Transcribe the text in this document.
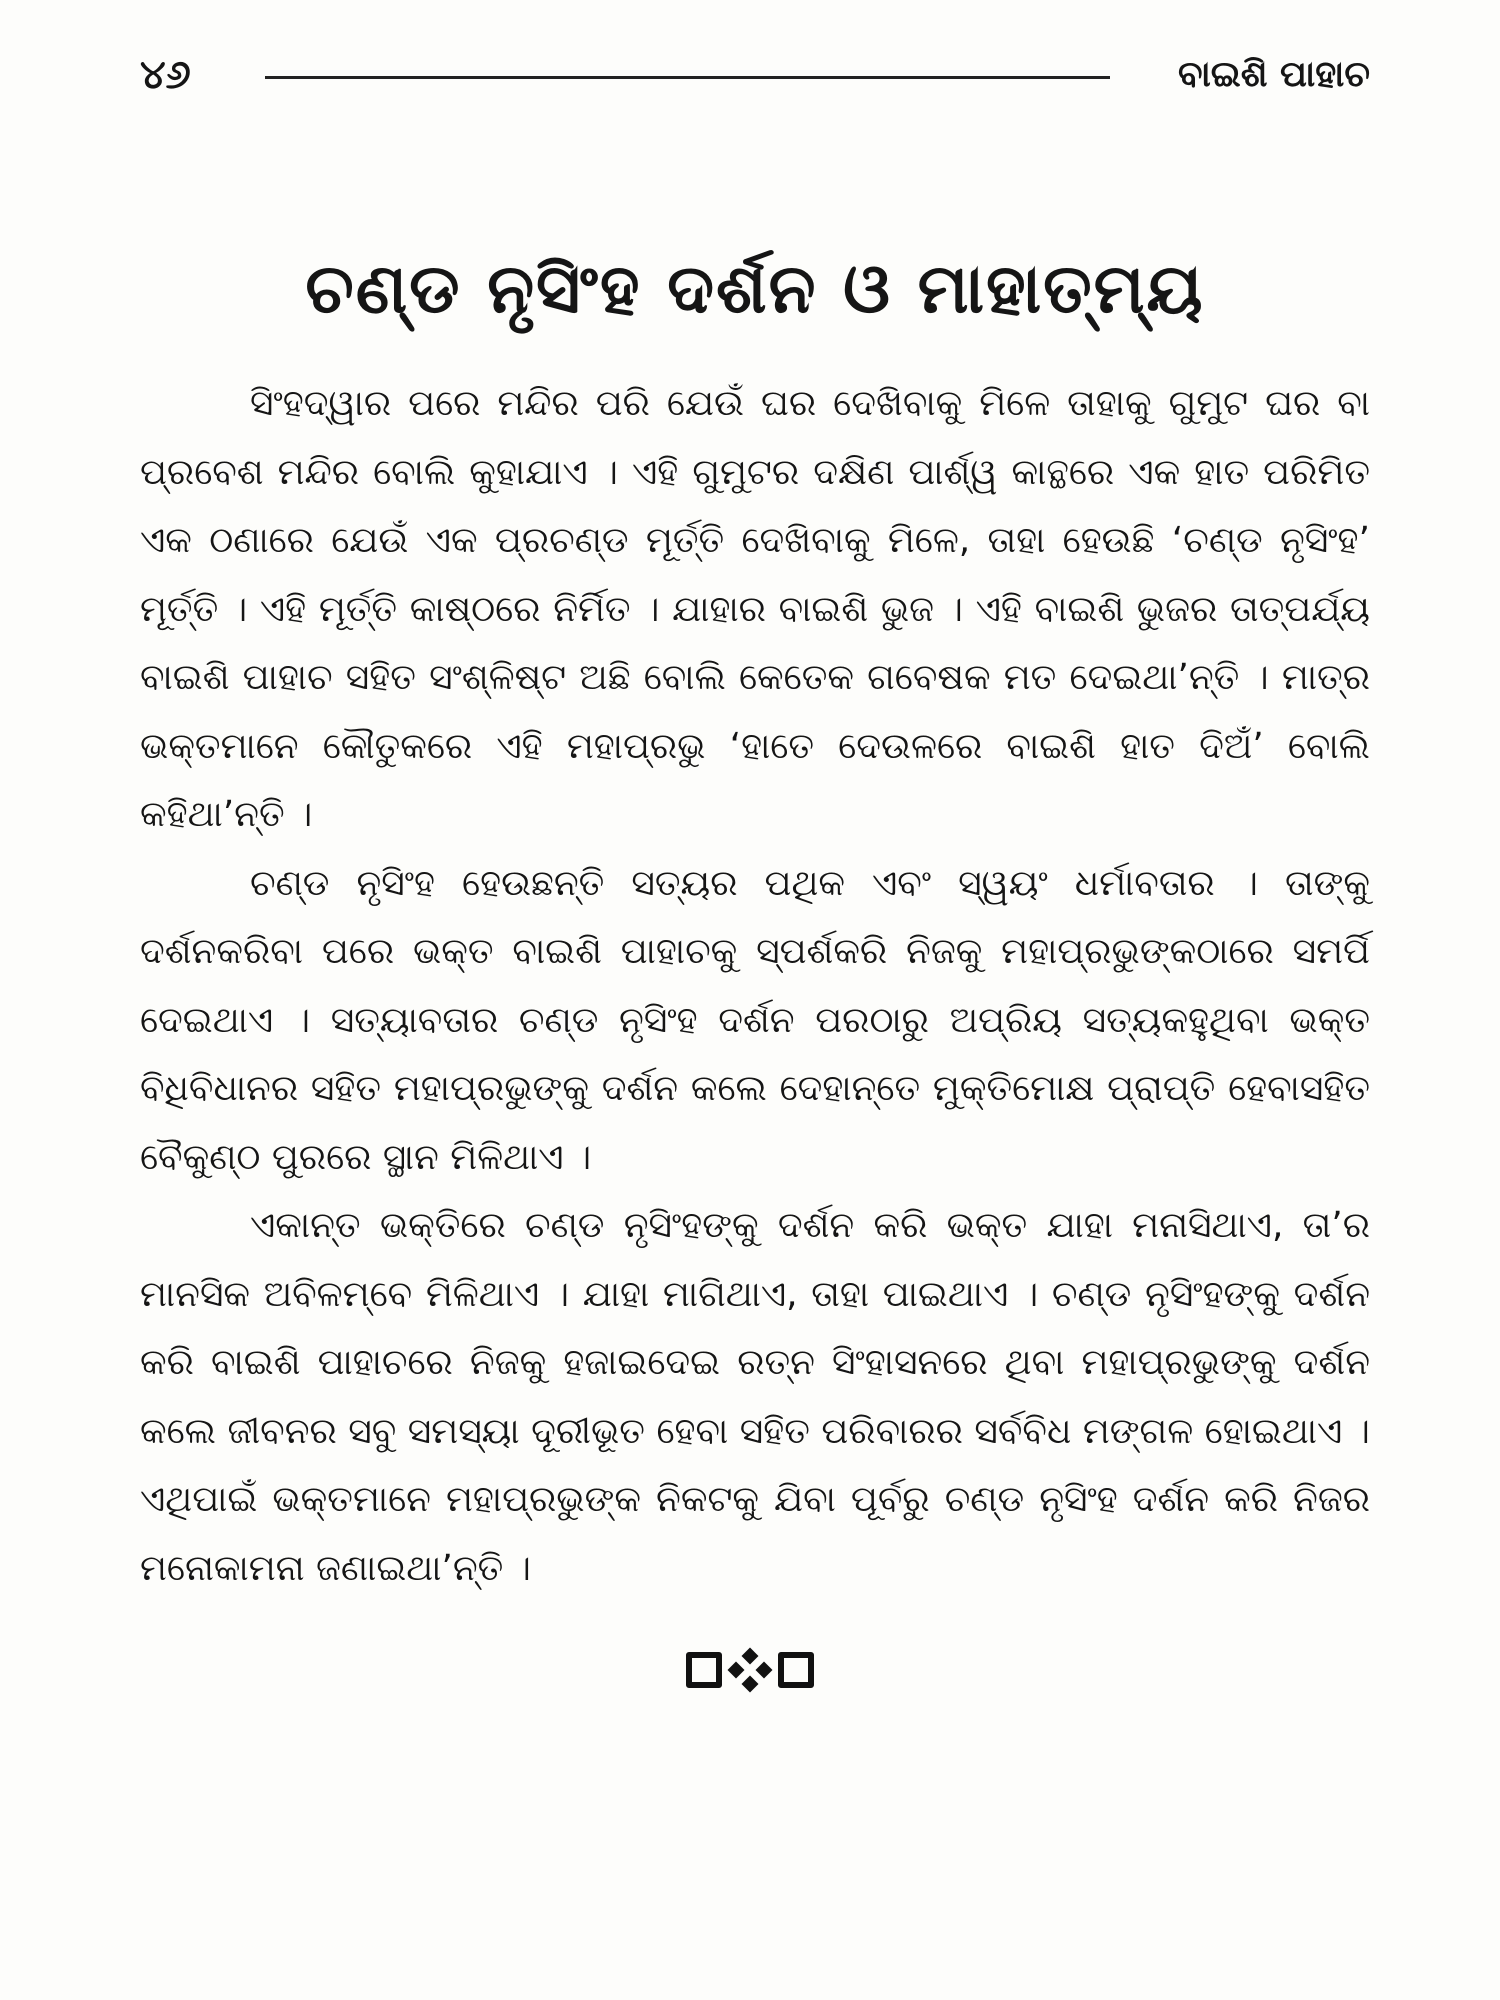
୪୬	ବାଇଶି ପାହାଚ
ଚଣ୍ଡ ନୃସିଂହ ଦର୍ଶନ ଓ ମାହାତ୍ମ୍ୟ

ସିଂହଦ୍ୱାର ପରେ ମନ୍ଦିର ପରି ଯେଉଁ ଘର ଦେଖିବାକୁ ମିଳେ ତାହାକୁ ଗୁମୁଟ ଘର ବା ପ୍ରବେଶ ମନ୍ଦିର ବୋଲି କୁହାଯାଏ । ଏହି ଗୁମୁଟର ଦକ୍ଷିଣ ପାର୍ଶ୍ୱ କାନ୍ଥରେ ଏକ ହାତ ପରିମିତ ଏକ ଠଣାରେ ଯେଉଁ ଏକ ପ୍ରଚଣ୍ଡ ମୂର୍ତ୍ତି ଦେଖିବାକୁ ମିଳେ, ତାହା ହେଉଛି ‘ଚଣ୍ଡ ନୃସିଂହ’ ମୂର୍ତ୍ତି । ଏହି ମୂର୍ତ୍ତି କାଷ୍ଠରେ ନିର୍ମିତ । ଯାହାର ବାଇଶି ଭୁଜ । ଏହି ବାଇଶି ଭୁଜର ତାତ୍ପର୍ଯ୍ୟ ବାଇଶି ପାହାଚ ସହିତ ସଂଶ୍ଳିଷ୍ଟ ଅଛି ବୋଲି କେତେକ ଗବେଷକ ମତ ଦେଇଥା’ନ୍ତି । ମାତ୍ର ଭକ୍ତମାନେ କୌତୁକରେ ଏହି ମହାପ୍ରଭୁ ‘ହାତେ ଦେଉଳରେ ବାଇଶି ହାତ ଦିଅଁ’ ବୋଲି କହିଥା’ନ୍ତି ।

ଚଣ୍ଡ ନୃସିଂହ ହେଉଛନ୍ତି ସତ୍ୟର ପଥିକ ଏବଂ ସ୍ୱୟଂ ଧର୍ମାବତାର । ତାଙ୍କୁ ଦର୍ଶନକରିବା ପରେ ଭକ୍ତ ବାଇଶି ପାହାଚକୁ ସ୍ପର୍ଶକରି ନିଜକୁ ମହାପ୍ରଭୁଙ୍କଠାରେ ସମର୍ପି ଦେଇଥାଏ । ସତ୍ୟାବତାର ଚଣ୍ଡ ନୃସିଂହ ଦର୍ଶନ ପରଠାରୁ ଅପ୍ରିୟ ସତ୍ୟକହୁଥିବା ଭକ୍ତ ବିଧିବିଧାନର ସହିତ ମହାପ୍ରଭୁଙ୍କୁ ଦର୍ଶନ କଲେ ଦେହାନ୍ତେ ମୁକ୍ତିମୋକ୍ଷ ପ୍ରାପ୍ତି ହେବାସହିତ ବୈକୁଣ୍ଠ ପୁରରେ ସ୍ଥାନ ମିଳିଥାଏ ।

ଏକାନ୍ତ ଭକ୍ତିରେ ଚଣ୍ଡ ନୃସିଂହଙ୍କୁ ଦର୍ଶନ କରି ଭକ୍ତ ଯାହା ମନାସିଥାଏ, ତା’ର ମାନସିକ ଅବିଳମ୍ବେ ମିଳିଥାଏ । ଯାହା ମାଗିଥାଏ, ତାହା ପାଇଥାଏ । ଚଣ୍ଡ ନୃସିଂହଙ୍କୁ ଦର୍ଶନ କରି ବାଇଶି ପାହାଚରେ ନିଜକୁ ହଜାଇଦେଇ ରତ୍ନ ସିଂହାସନରେ ଥିବା ମହାପ୍ରଭୁଙ୍କୁ ଦର୍ଶନ କଲେ ଜୀବନର ସବୁ ସମସ୍ୟା ଦୂରୀଭୂତ ହେବା ସହିତ ପରିବାରର ସର୍ବବିଧ ମଙ୍ଗଳ ହୋଇଥାଏ । ଏଥିପାଇଁ ଭକ୍ତମାନେ ମହାପ୍ରଭୁଙ୍କ ନିକଟକୁ ଯିବା ପୂର୍ବରୁ ଚଣ୍ଡ ନୃସିଂହ ଦର୍ଶନ କରି ନିଜର ମନୋକାମନା ଜଣାଇଥା’ନ୍ତି ।
